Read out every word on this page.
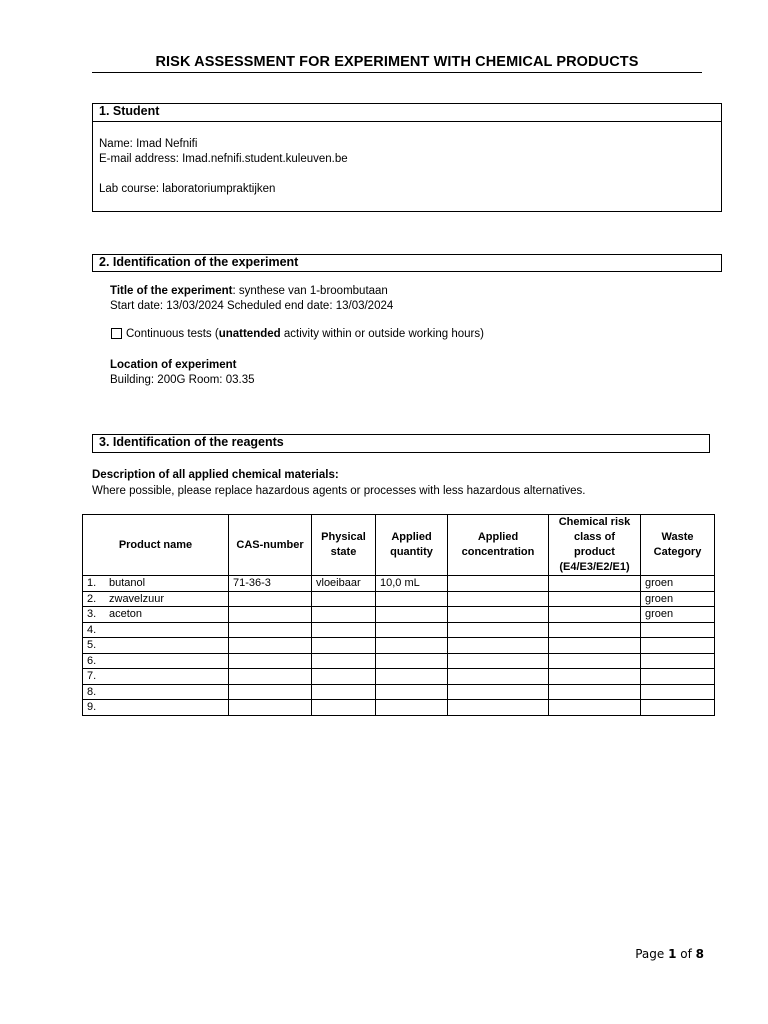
RISK ASSESSMENT FOR EXPERIMENT WITH CHEMICAL PRODUCTS
1. Student
Name: Imad Nefnifi
E-mail address: Imad.nefnifi.student.kuleuven.be
Lab course: laboratoriumpraktijken
2. Identification of the experiment
Title of the experiment: synthese van 1-broombutaan
Start date: 13/03/2024 Scheduled end date: 13/03/2024
Continuous tests (unattended activity within or outside working hours)
Location of experiment
Building: 200G Room: 03.35
3. Identification of the reagents
Description of all applied chemical materials:
Where possible, please replace hazardous agents or processes with less hazardous alternatives.
Product name	CAS-number	Physical state	Applied quantity	Applied concentration	Chemical risk class of product (E4/E3/E2/E1)	Waste Category
1. butanol	71-36-3	vloeibaar	10,0 mL			groen
2. zwavelzuur						groen
3. aceton						groen
4.						
5.						
6.						
7.						
8.						
9.						
Page 1 of 8
